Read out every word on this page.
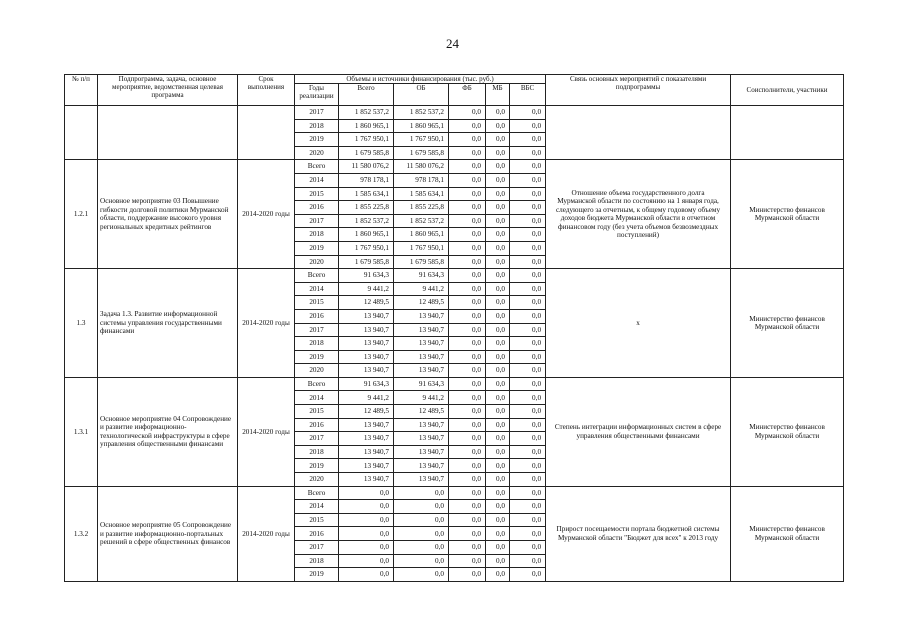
24
№ п/п	Подпрограмма, задача, основное мероприятие, ведомственная целевая программа	Срок выполнения	Объемы и источники финансирования (тыс. руб.)						Связь основных мероприятий с показателями подпрограммы	Соисполнители, участники
			Годы реализации	Всего	ОБ	ФБ	МБ	ВБС		
			2017	1 852 537,2	1 852 537,2	0,0	0,0	0,0		
			2018	1 860 965,1	1 860 965,1	0,0	0,0	0,0		
			2019	1 767 950,1	1 767 950,1	0,0	0,0	0,0		
			2020	1 679 585,8	1 679 585,8	0,0	0,0	0,0		
1.2.1	Основное мероприятие 03 Повышение гибкости долговой политики Мурманской области, поддержание высокого уровня региональных кредитных рейтингов	2014-2020 годы	Всего	11 580 076,2	11 580 076,2	0,0	0,0	0,0	Отношение объема государственного долга Мурманской области по состоянию на 1 января года, следующего за отчетным, к общему годовому объему доходов бюджета Мурманской области в отчетном финансовом году (без учета объемов безвозмездных поступлений)	Министерство финансов Мурманской области
			2014	978 178,1	978 178,1	0,0	0,0	0,0		
			2015	1 585 634,1	1 585 634,1	0,0	0,0	0,0		
			2016	1 855 225,8	1 855 225,8	0,0	0,0	0,0		
			2017	1 852 537,2	1 852 537,2	0,0	0,0	0,0		
			2018	1 860 965,1	1 860 965,1	0,0	0,0	0,0		
			2019	1 767 950,1	1 767 950,1	0,0	0,0	0,0		
			2020	1 679 585,8	1 679 585,8	0,0	0,0	0,0		
1.3	Задача 1.3. Развитие информационной системы управления государственными финансами	2014-2020 годы	Всего	91 634,3	91 634,3	0,0	0,0	0,0	х	Министерство финансов Мурманской области
			2014	9 441,2	9 441,2	0,0	0,0	0,0		
			2015	12 489,5	12 489,5	0,0	0,0	0,0		
			2016	13 940,7	13 940,7	0,0	0,0	0,0		
			2017	13 940,7	13 940,7	0,0	0,0	0,0		
			2018	13 940,7	13 940,7	0,0	0,0	0,0		
			2019	13 940,7	13 940,7	0,0	0,0	0,0		
			2020	13 940,7	13 940,7	0,0	0,0	0,0		
1.3.1	Основное мероприятие 04 Сопровождение и развитие информационно-технологической инфраструктуры в сфере управления общественными финансами	2014-2020 годы	Всего	91 634,3	91 634,3	0,0	0,0	0,0	Степень интеграции информационных систем в сфере управления общественными финансами	Министерство финансов Мурманской области
			2014	9 441,2	9 441,2	0,0	0,0	0,0		
			2015	12 489,5	12 489,5	0,0	0,0	0,0		
			2016	13 940,7	13 940,7	0,0	0,0	0,0		
			2017	13 940,7	13 940,7	0,0	0,0	0,0		
			2018	13 940,7	13 940,7	0,0	0,0	0,0		
			2019	13 940,7	13 940,7	0,0	0,0	0,0		
			2020	13 940,7	13 940,7	0,0	0,0	0,0		
1.3.2	Основное мероприятие 05 Сопровождение и развитие информационно-портальных решений в сфере общественных финансов	2014-2020 годы	Всего	0,0	0,0	0,0	0,0	0,0	Прирост посещаемости портала бюджетной системы Мурманской области "Бюджет для всех" к 2013 году	Министерство финансов Мурманской области
			2014	0,0	0,0	0,0	0,0	0,0		
			2015	0,0	0,0	0,0	0,0	0,0		
			2016	0,0	0,0	0,0	0,0	0,0		
			2017	0,0	0,0	0,0	0,0	0,0		
			2018	0,0	0,0	0,0	0,0	0,0		
			2019	0,0	0,0	0,0	0,0	0,0		
